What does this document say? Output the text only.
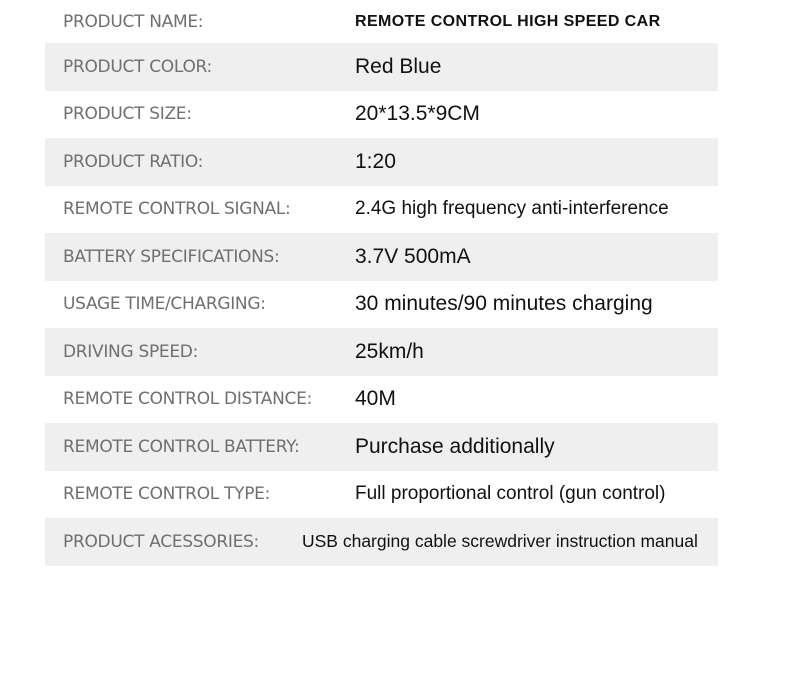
PRODUCT NAME:	REMOTE CONTROL HIGH SPEED CAR
PRODUCT COLOR:	Red Blue
PRODUCT SIZE:	20*13.5*9CM
PRODUCT RATIO:	1:20
REMOTE CONTROL SIGNAL:	2.4G high frequency anti-interference
BATTERY SPECIFICATIONS:	3.7V 500mA
USAGE TIME/CHARGING:	30 minutes/90 minutes charging
DRIVING SPEED:	25km/h
REMOTE CONTROL DISTANCE: 40M
REMOTE CONTROL BATTERY:	Purchase additionally
REMOTE CONTROL TYPE:	Full proportional control (gun control)
PRODUCT ACESSORIES: USB charging cable screwdriver instruction manual
